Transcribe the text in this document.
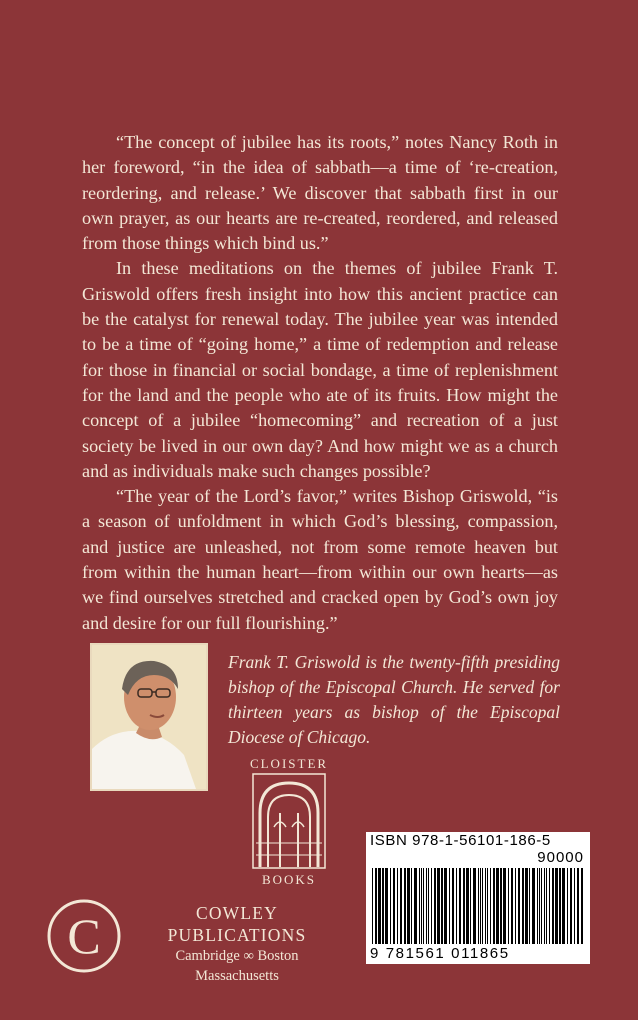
“The concept of jubilee has its roots,” notes Nancy Roth in her foreword, “in the idea of sabbath—a time of ‘re-creation, reordering, and release.’ We discover that sabbath first in our own prayer, as our hearts are re-created, reordered, and released from those things which bind us.”

In these meditations on the themes of jubilee Frank T. Griswold offers fresh insight into how this ancient practice can be the catalyst for renewal today. The jubilee year was intended to be a time of “going home,” a time of redemption and release for those in financial or social bondage, a time of replenishment for the land and the people who ate of its fruits. How might the concept of a jubilee “homecoming” and recreation of a just society be lived in our own day? And how might we as a church and as individuals make such changes possible?

“The year of the Lord’s favor,” writes Bishop Griswold, “is a season of unfoldment in which God’s blessing, compassion, and justice are unleashed, not from some remote heaven but from within the human heart—from within our own hearts—as we find ourselves stretched and cracked open by God’s own joy and desire for our full flourishing.”

Frank T. Griswold is the twenty-fifth presiding bishop of the Episcopal Church. He served for thirteen years as bishop of the Episcopal Diocese of Chicago.
CLOISTER
BOOKS
ISBN 978-1-56101-186-5
90000
9 781561 011865
C	COWLEY PUBLICATIONS
Cambridge ∞ Boston
Massachusetts
